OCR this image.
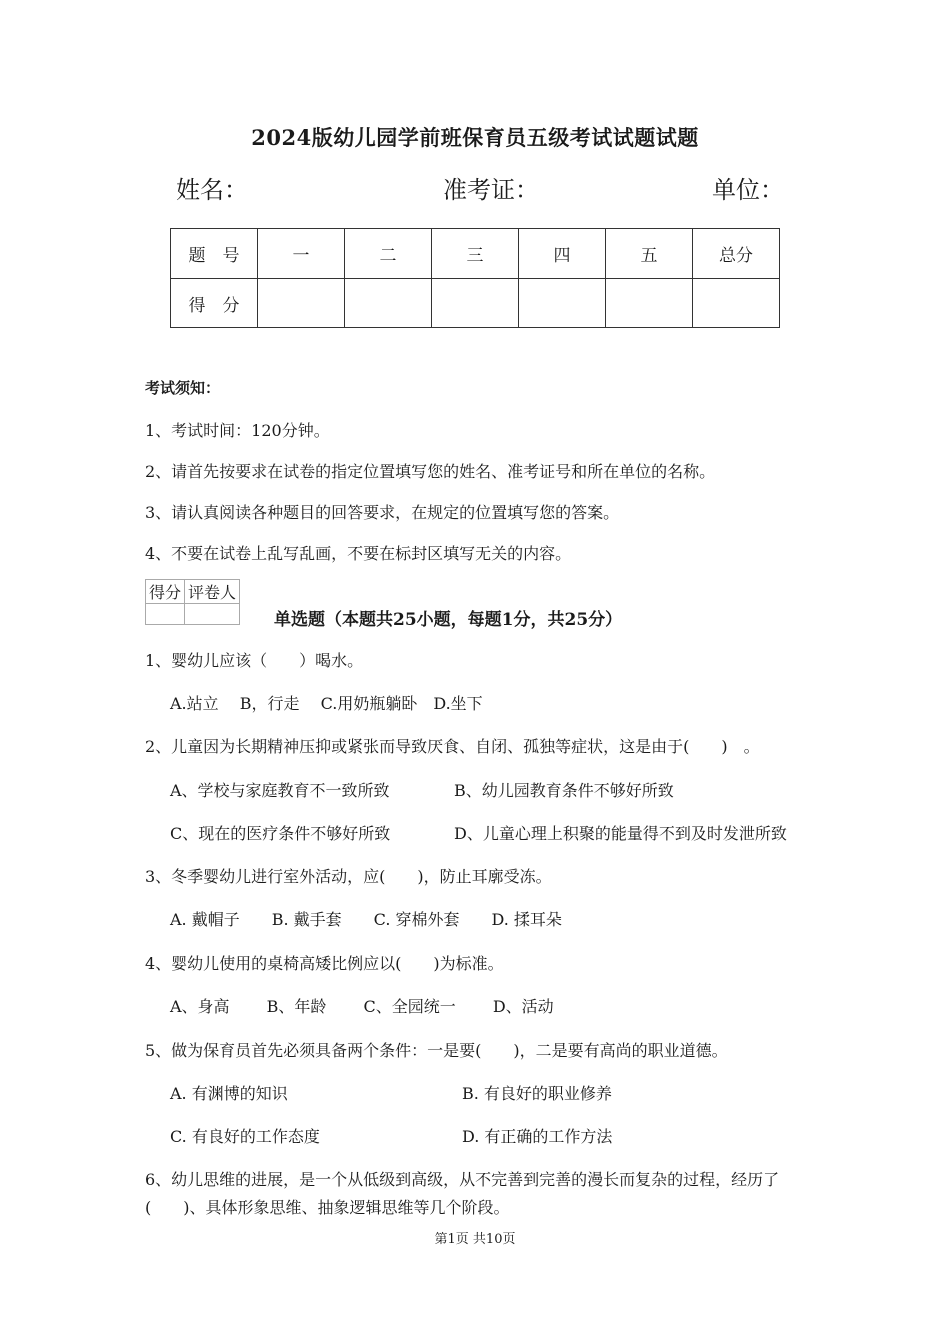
2024版幼儿园学前班保育员五级考试试题试题
姓名：	准考证：	单位：
题　号	一	二	三	四	五	总分
得　分						
考试须知：
1、考试时间：120分钟。
2、请首先按要求在试卷的指定位置填写您的姓名、准考证号和所在单位的名称。
3、请认真阅读各种题目的回答要求，在规定的位置填写您的答案。
4、不要在试卷上乱写乱画，不要在标封区填写无关的内容。
得分	评卷人

单选题（本题共25小题，每题1分，共25分）
1、婴幼儿应该（　　）喝水。
A.站立　 B，行走　 C.用奶瓶躺卧　D.坐下
2、儿童因为长期精神压抑或紧张而导致厌食、自闭、孤独等症状，这是由于(　　)　。
A、学校与家庭教育不一致所致	B、幼儿园教育条件不够好所致
C、现在的医疗条件不够好所致	D、儿童心理上积聚的能量得不到及时发泄所致
3、冬季婴幼儿进行室外活动，应(　　)，防止耳廓受冻。
A. 戴帽子　　B. 戴手套　　C. 穿棉外套　　D. 揉耳朵
4、婴幼儿使用的桌椅高矮比例应以(　　)为标准。
A、身高　　 B、年龄　　 C、全园统一　　 D、活动
5、做为保育员首先必须具备两个条件：一是要(　　)，二是要有高尚的职业道德。
A. 有渊博的知识	B. 有良好的职业修养
C. 有良好的工作态度	D. 有正确的工作方法
6、幼儿思维的进展，是一个从低级到高级，从不完善到完善的漫长而复杂的过程，经历了
(　　)、具体形象思维、抽象逻辑思维等几个阶段。
第1页 共10页
